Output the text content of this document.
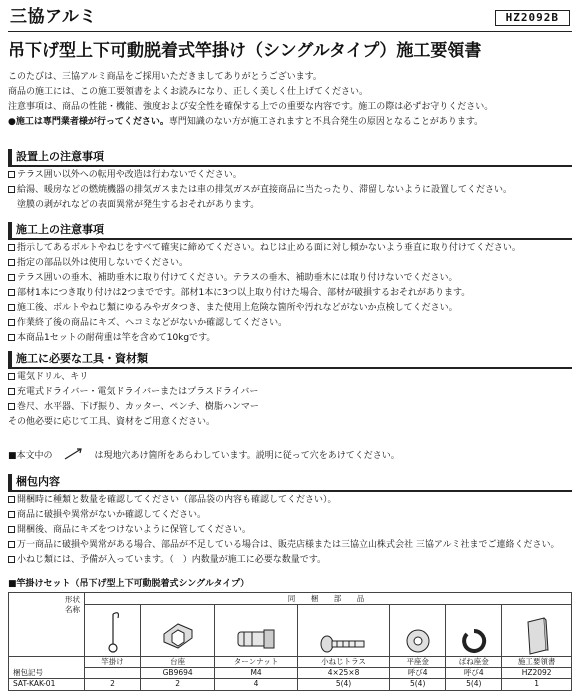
三協アルミ	HZ2092B
吊下げ型上下可動脱着式竿掛け（シングルタイプ）施工要領書

このたびは、三協アルミ商品をご採用いただきましてありがとうございます。

商品の施工には、この施工要領書をよくお読みになり、正しく美しく仕上げてください。

注意事項は、商品の性能・機能、強度および安全性を確保する上での重要な内容です。施工の際は必ずお守りください。

●施工は専門業者様が行ってください。専門知識のない方が施工されますと不具合発生の原因となることがあります。
設置上の注意事項
テラス囲い以外への転用や改造は行わないでください。
給湯、暖房などの燃焼機器の排気ガスまたは車の排気ガスが直接商品に当たったり、滞留しないように設置してください。
　塗膜の剥がれなどの表面異常が発生するおそれがあります。
施工上の注意事項
指示してあるボルトやねじをすべて確実に締めてください。ねじは止める面に対し傾かないよう垂直に取り付けてください。
指定の部品以外は使用しないでください。
テラス囲いの垂木、補助垂木に取り付けてください。テラスの垂木、補助垂木には取り付けないでください。
部材1本につき取り付けは2つまでです。部材1本に3つ以上取り付けた場合、部材が破損するおそれがあります。
施工後、ボルトやねじ類にゆるみやガタつき、また使用上危険な箇所や汚れなどがないか点検してください。
作業終了後の商品にキズ、ヘコミなどがないか確認してください。
本商品1セットの耐荷重は竿を含めて10kgです。
施工に必要な工具・資材類
電気ドリル、キリ
充電式ドライバー・電気ドライバーまたはプラスドライバー
巻尺、水平器、下げ振り、カッター、ペンチ、樹脂ハンマー
その他必要に応じて工具、資材をご用意ください。
■本文中の	は現地穴あけ箇所をあらわしています。説明に従って穴をあけてください。
梱包内容
開梱時に種類と数量を確認してください（部品袋の内容も確認してください）。
商品に破損や異常がないか確認してください。
開梱後、商品にキズをつけないように保管してください。
万一商品に破損や異常がある場合、部品が不足している場合は、販売店様または三協立山株式会社 三協アルミ社までご連絡ください。
小ねじ類には、予備が入っています。（　）内数量が施工に必要な数量です。
■竿掛けセット（吊下げ型上下可動脱着式シングルタイプ）
形状
名称	同　梱　部　品						

梱包記号	竿掛け	台座	ターンナット	小ねじトラス	平座金	ばね座金	施工要領書
		GB9694	M4	4×25×8	呼び4	呼び4	HZ2092
SAT-KAK-01	2	2	4	5(4)	5(4)	5(4)	1
